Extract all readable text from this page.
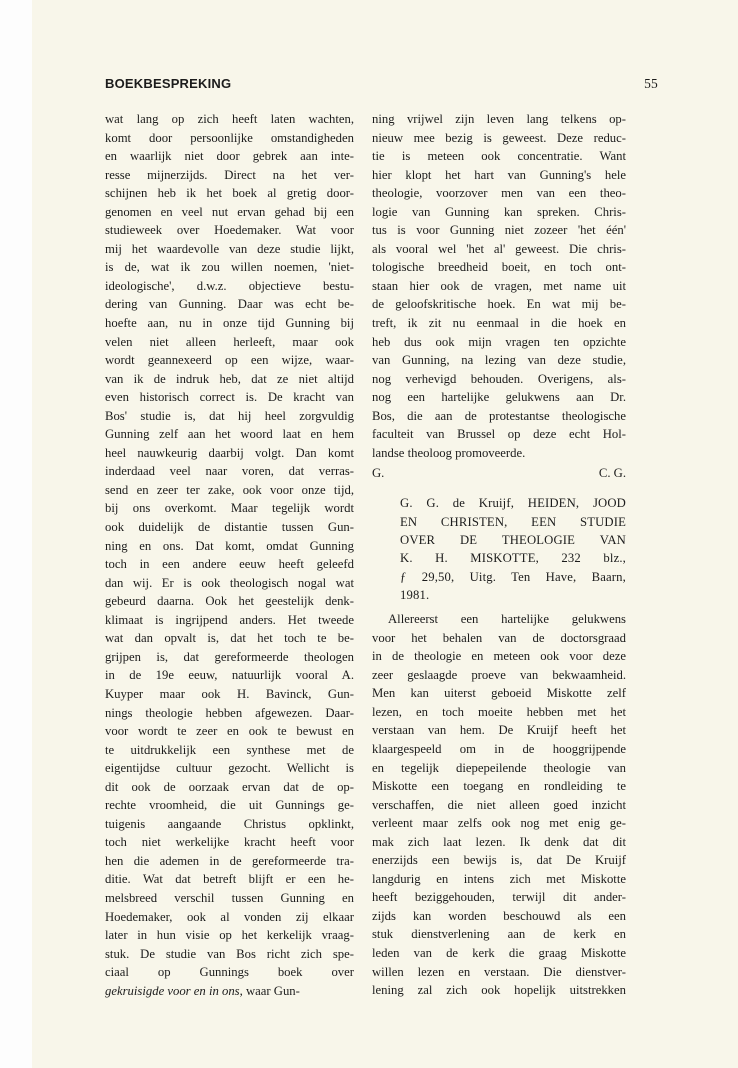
BOEKBESPREKING	55
wat lang op zich heeft laten wachten,
komt door persoonlijke omstandigheden
en waarlijk niet door gebrek aan inte-
resse mijnerzijds. Direct na het ver-
schijnen heb ik het boek al gretig door-
genomen en veel nut ervan gehad bij een
studieweek over Hoedemaker. Wat voor
mij het waardevolle van deze studie lijkt,
is de, wat ik zou willen noemen, 'niet-
ideologische', d.w.z. objectieve bestu-
dering van Gunning. Daar was echt be-
hoefte aan, nu in onze tijd Gunning bij
velen niet alleen herleeft, maar ook
wordt geannexeerd op een wijze, waar-
van ik de indruk heb, dat ze niet altijd
even historisch correct is. De kracht van
Bos' studie is, dat hij heel zorgvuldig
Gunning zelf aan het woord laat en hem
heel nauwkeurig daarbij volgt. Dan komt
inderdaad veel naar voren, dat verras-
send en zeer ter zake, ook voor onze tijd,
bij ons overkomt. Maar tegelijk wordt
ook duidelijk de distantie tussen Gun-
ning en ons. Dat komt, omdat Gunning
toch in een andere eeuw heeft geleefd
dan wij. Er is ook theologisch nogal wat
gebeurd daarna. Ook het geestelijk denk-
klimaat is ingrijpend anders. Het tweede
wat dan opvalt is, dat het toch te be-
grijpen is, dat gereformeerde theologen
in de 19e eeuw, natuurlijk vooral A.
Kuyper maar ook H. Bavinck, Gun-
nings theologie hebben afgewezen. Daar-
voor wordt te zeer en ook te bewust en
te uitdrukkelijk een synthese met de
eigentijdse cultuur gezocht. Wellicht is
dit ook de oorzaak ervan dat de op-
rechte vroomheid, die uit Gunnings ge-
tuigenis aangaande Christus opklinkt,
toch niet werkelijke kracht heeft voor
hen die ademen in de gereformeerde tra-
ditie. Wat dat betreft blijft er een he-
melsbreed verschil tussen Gunning en
Hoedemaker, ook al vonden zij elkaar
later in hun visie op het kerkelijk vraag-
stuk. De studie van Bos richt zich spe-
ciaal op Gunnings boek over
gekruisigde voor en in ons, waar Gun-
ning vrijwel zijn leven lang telkens op-
nieuw mee bezig is geweest. Deze reduc-
tie is meteen ook concentratie. Want
hier klopt het hart van Gunning's hele
theologie, voorzover men van een theo-
logie van Gunning kan spreken. Chris-
tus is voor Gunning niet zozeer 'het één'
als vooral wel 'het al' geweest. Die chris-
tologische breedheid boeit, en toch ont-
staan hier ook de vragen, met name uit
de geloofskritische hoek. En wat mij be-
treft, ik zit nu eenmaal in die hoek en
heb dus ook mijn vragen ten opzichte
van Gunning, na lezing van deze studie,
nog verhevigd behouden. Overigens, als-
nog een hartelijke gelukwens aan Dr.
Bos, die aan de protestantse theologische
faculteit van Brussel op deze echt Hol-
landse theoloog promoveerde.
G.	C. G.
G. G. de Kruijf, HEIDEN, JOOD
EN CHRISTEN, EEN STUDIE
OVER DE THEOLOGIE VAN
K. H. MISKOTTE, 232 blz.,
ƒ 29,50, Uitg. Ten Have, Baarn,
1981.
Allereerst een hartelijke gelukwens
voor het behalen van de doctorsgraad
in de theologie en meteen ook voor deze
zeer geslaagde proeve van bekwaamheid.
Men kan uiterst geboeid Miskotte zelf
lezen, en toch moeite hebben met het
verstaan van hem. De Kruijf heeft het
klaargespeeld om in de hooggrijpende
en tegelijk diepepeilende theologie van
Miskotte een toegang en rondleiding te
verschaffen, die niet alleen goed inzicht
verleent maar zelfs ook nog met enig ge-
mak zich laat lezen. Ik denk dat dit
enerzijds een bewijs is, dat De Kruijf
langdurig en intens zich met Miskotte
heeft beziggehouden, terwijl dit ander-
zijds kan worden beschouwd als een
stuk dienstverlening aan de kerk en
leden van de kerk die graag Miskotte
willen lezen en verstaan. Die dienstver-
lening zal zich ook hopelijk uitstrekken
